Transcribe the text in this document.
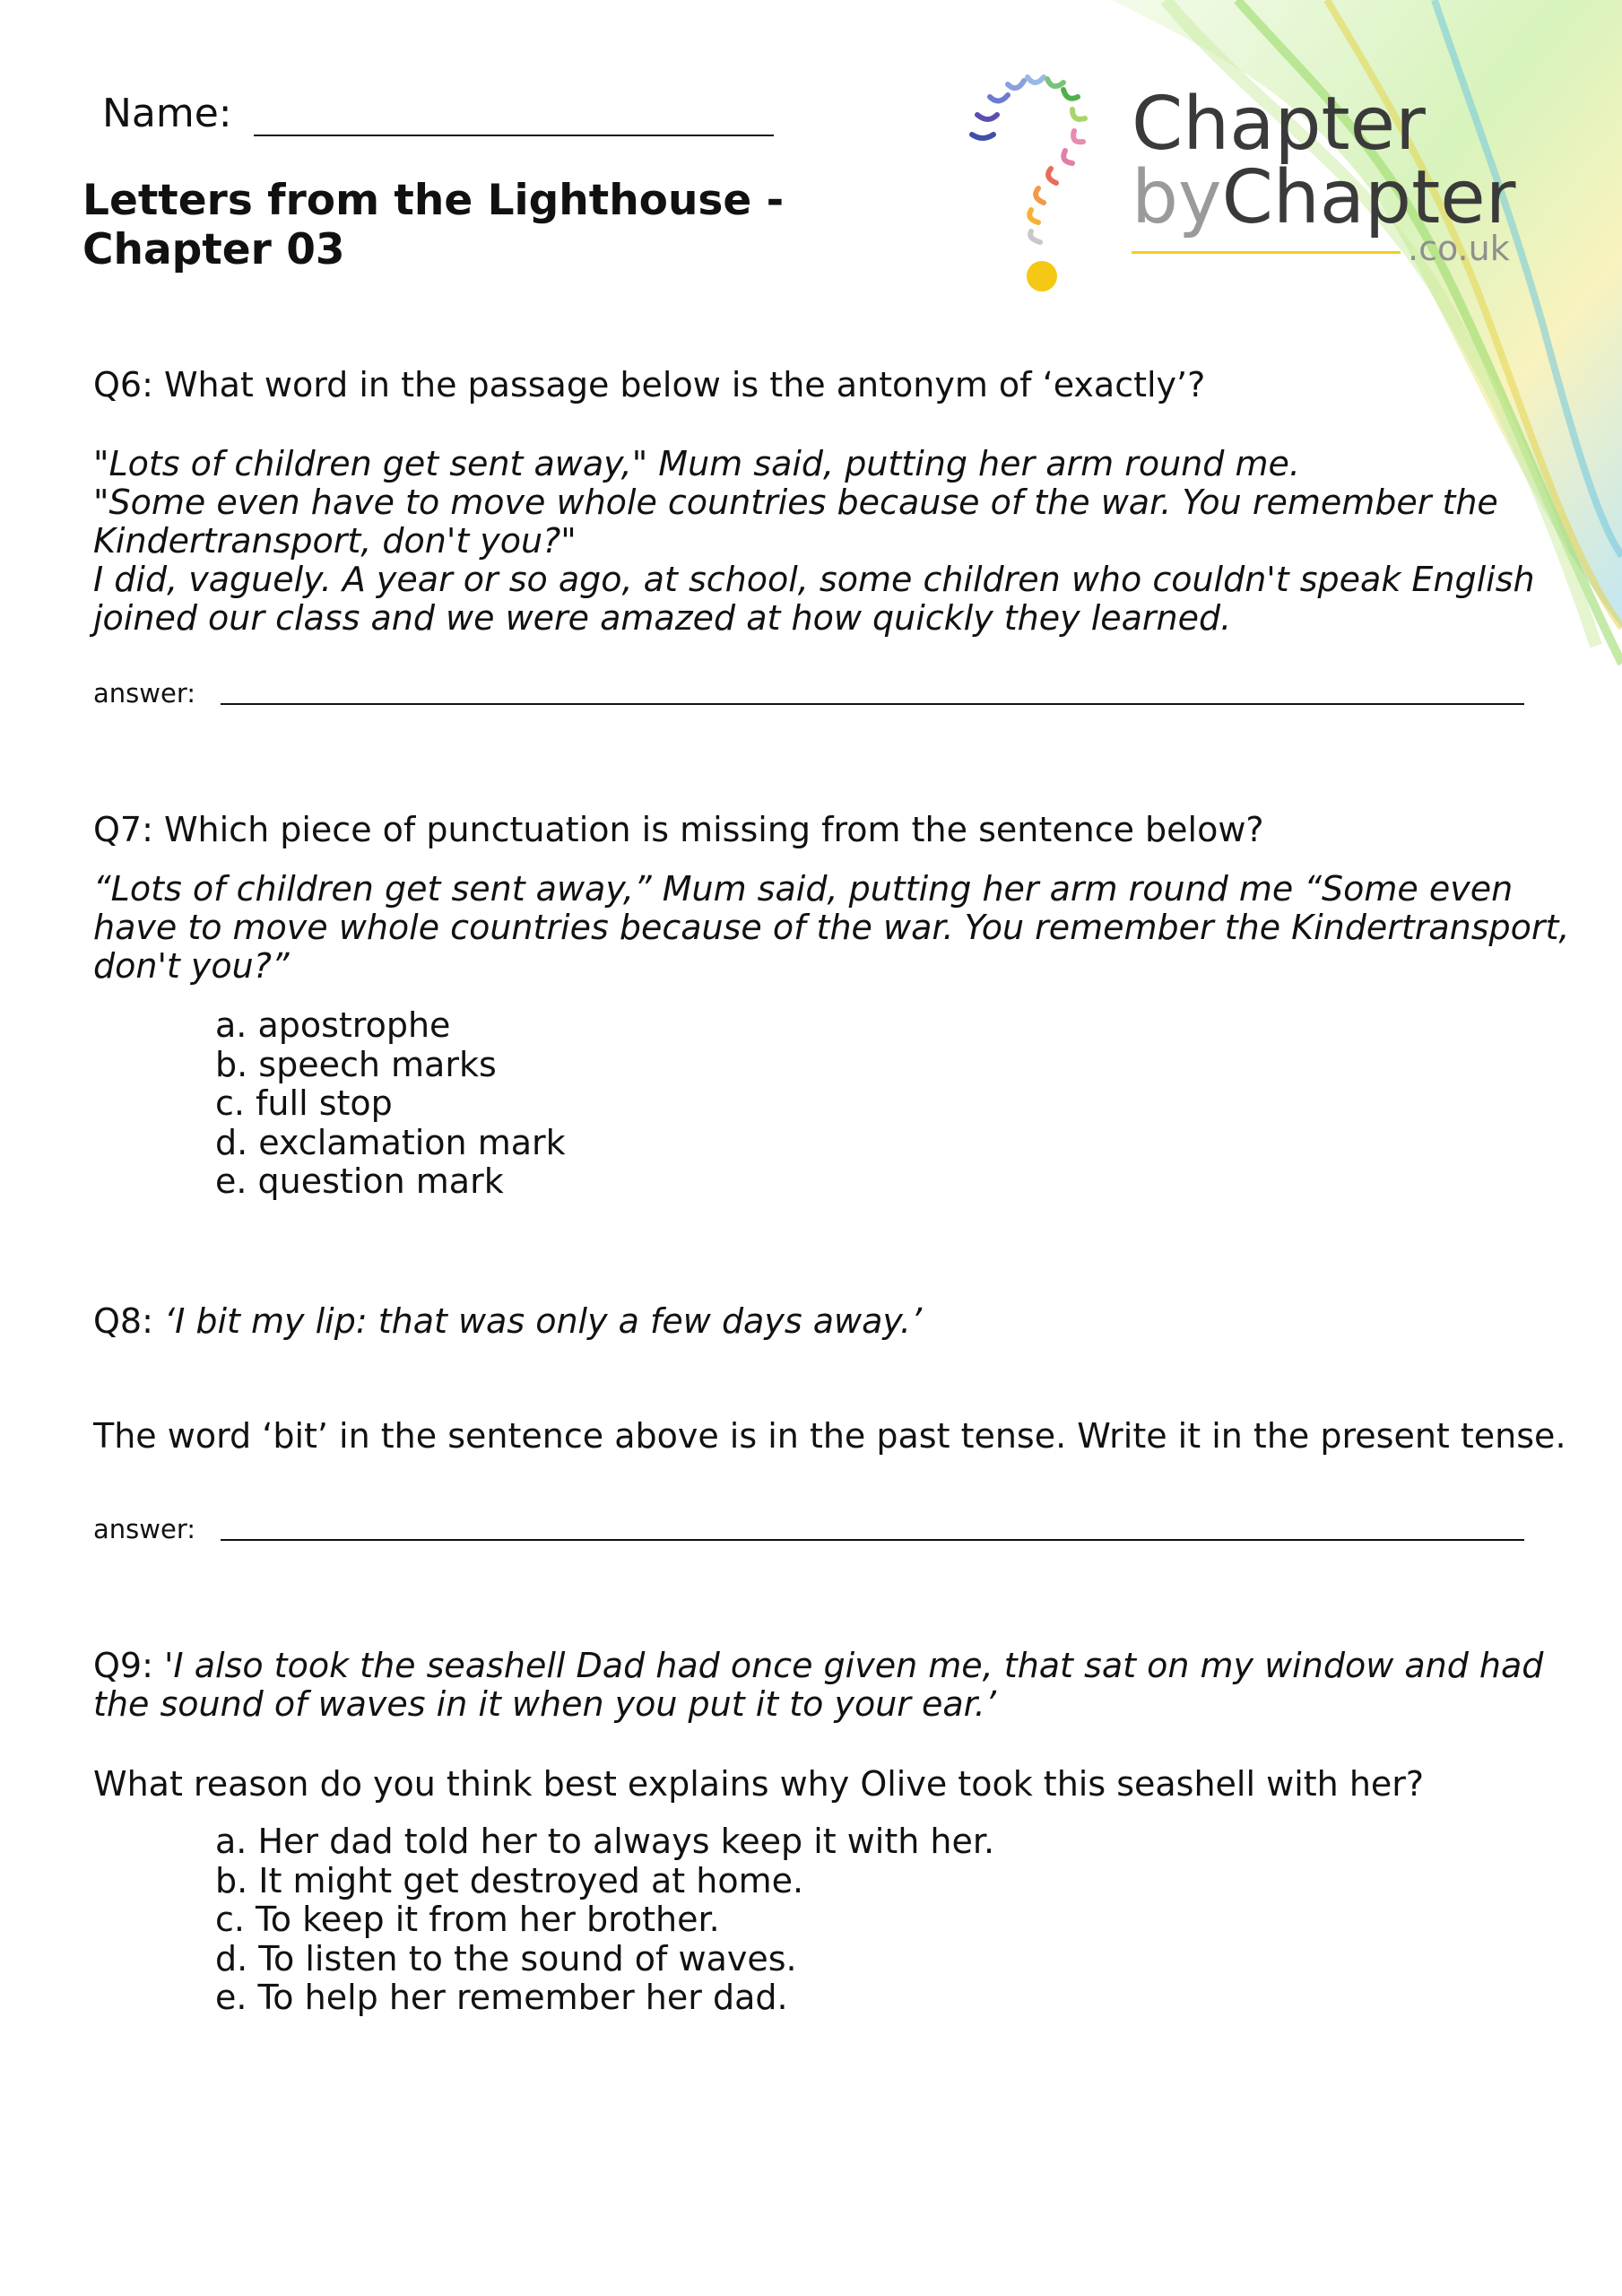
Name:
Letters from the Lighthouse - Chapter 03
Chapter
byChapter
.co.uk
Q6: What word in the passage below is the antonym of ‘exactly’?
"Lots of children get sent away," Mum said, putting her arm round me.
"Some even have to move whole countries because of the war. You remember the
Kindertransport, don't you?"
I did, vaguely. A year or so ago, at school, some children who couldn't speak English
joined our class and we were amazed at how quickly they learned.
answer:
Q7: Which piece of punctuation is missing from the sentence below?
“Lots of children get sent away,” Mum said, putting her arm round me “Some even
have to move whole countries because of the war. You remember the Kindertransport,
don't you?”
a. apostrophe
b. speech marks
c. full stop
d. exclamation mark
e. question mark
Q8: ‘I bit my lip: that was only a few days away.’
The word ‘bit’ in the sentence above is in the past tense. Write it in the present tense.
answer:
Q9: 'I also took the seashell Dad had once given me, that sat on my window and had
the sound of waves in it when you put it to your ear.’
What reason do you think best explains why Olive took this seashell with her?
a. Her dad told her to always keep it with her.
b. It might get destroyed at home.
c. To keep it from her brother.
d. To listen to the sound of waves.
e. To help her remember her dad.
